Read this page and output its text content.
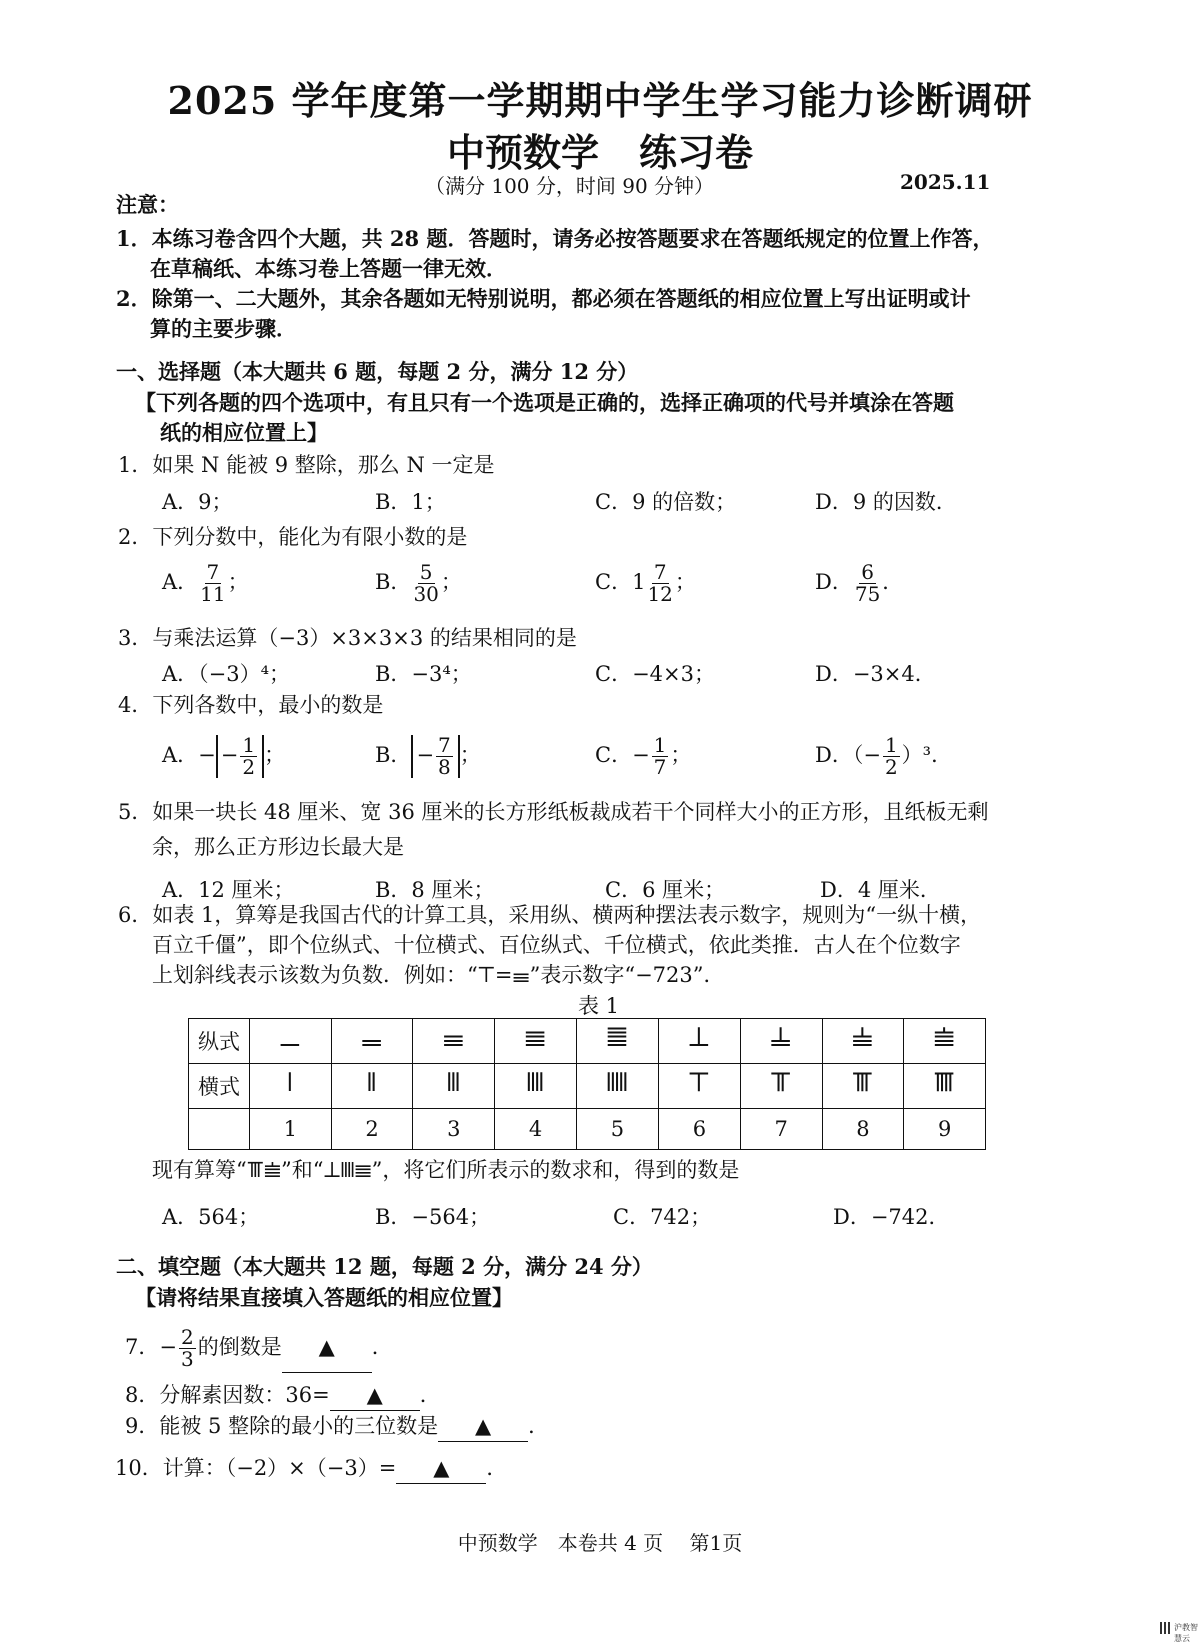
2025 学年度第一学期期中学生学习能力诊断调研
中预数学 练习卷
（满分 100 分，时间 90 分钟）	2025.11
注意：
1．本练习卷含四个大题，共 28 题．答题时，请务必按答题要求在答题纸规定的位置上作答，
在草稿纸、本练习卷上答题一律无效．
2．除第一、二大题外，其余各题如无特别说明，都必须在答题纸的相应位置上写出证明或计
算的主要步骤．
一、选择题（本大题共 6 题，每题 2 分，满分 12 分）
【下列各题的四个选项中，有且只有一个选项是正确的，选择正确项的代号并填涂在答题
纸的相应位置上】
1．如果 N 能被 9 整除，那么 N 一定是
A．9；	B．1；	C．9 的倍数；	D．9 的因数．
2．下列分数中，能化为有限小数的是
A． $\frac{7}{11}$ ；	B． $\frac{5}{30}$ ；	C．$1 \frac{7}{12}$ ；	D． $\frac{6}{75}$ ．
3．与乘法运算（−3）×3×3×3 的结果相同的是
A．（−3）⁴；	B．−3⁴；	C．−4×3；	D．−3×4．
4．下列各数中，最小的数是
A．− − $\frac{1}{2}$ ；	B． − $\frac{7}{8}$ ；	C．− $\frac{1}{7}$ ；	D．（− $\frac{1}{2} )^3$．
5．如果一块长 48 厘米、宽 36 厘米的长方形纸板裁成若干个同样大小的正方形，且纸板无剩
余，那么正方形边长最大是
A．12 厘米；	B．8 厘米；	C．6 厘米；	D．4 厘米．
6．如表 1，算筹是我国古代的计算工具，采用纵、横两种摆法表示数字，规则为“一纵十横，
百立千僵”，即个位纵式、十位横式、百位纵式、千位横式，依此类推．古人在个位数字
上划斜线表示该数为负数．例如：“𝍮=𝍢”表示数字“−723”．
表 1
纵式	𝍠	𝍡	𝍢	𝍣	𝍤	𝍥	𝍦	𝍧	𝍨
横式	𝍩	𝍪	𝍫	𝍬	𝍭	𝍮	𝍯	𝍰	𝍱
	1	2	3	4	5	6	7	8	9
现有算筹“𝍰𝍨”和“𝍥𝍬𝍣”，将它们所表示的数求和，得到的数是
A．564；	B．−564；	C．742；	D．−742．
二、填空题（本大题共 12 题，每题 2 分，满分 24 分）
【请将结果直接填入答题纸的相应位置】
7．− $\frac{2}{3}$ 的倒数是 ▲ ．
8．分解素因数：36= ▲ ．
9．能被 5 整除的最小的三位数是 ▲ ．
10．计算：（−2）×（−3）= ▲ ．
中预数学　本卷共 4 页　 第1页
沪教智慧云
